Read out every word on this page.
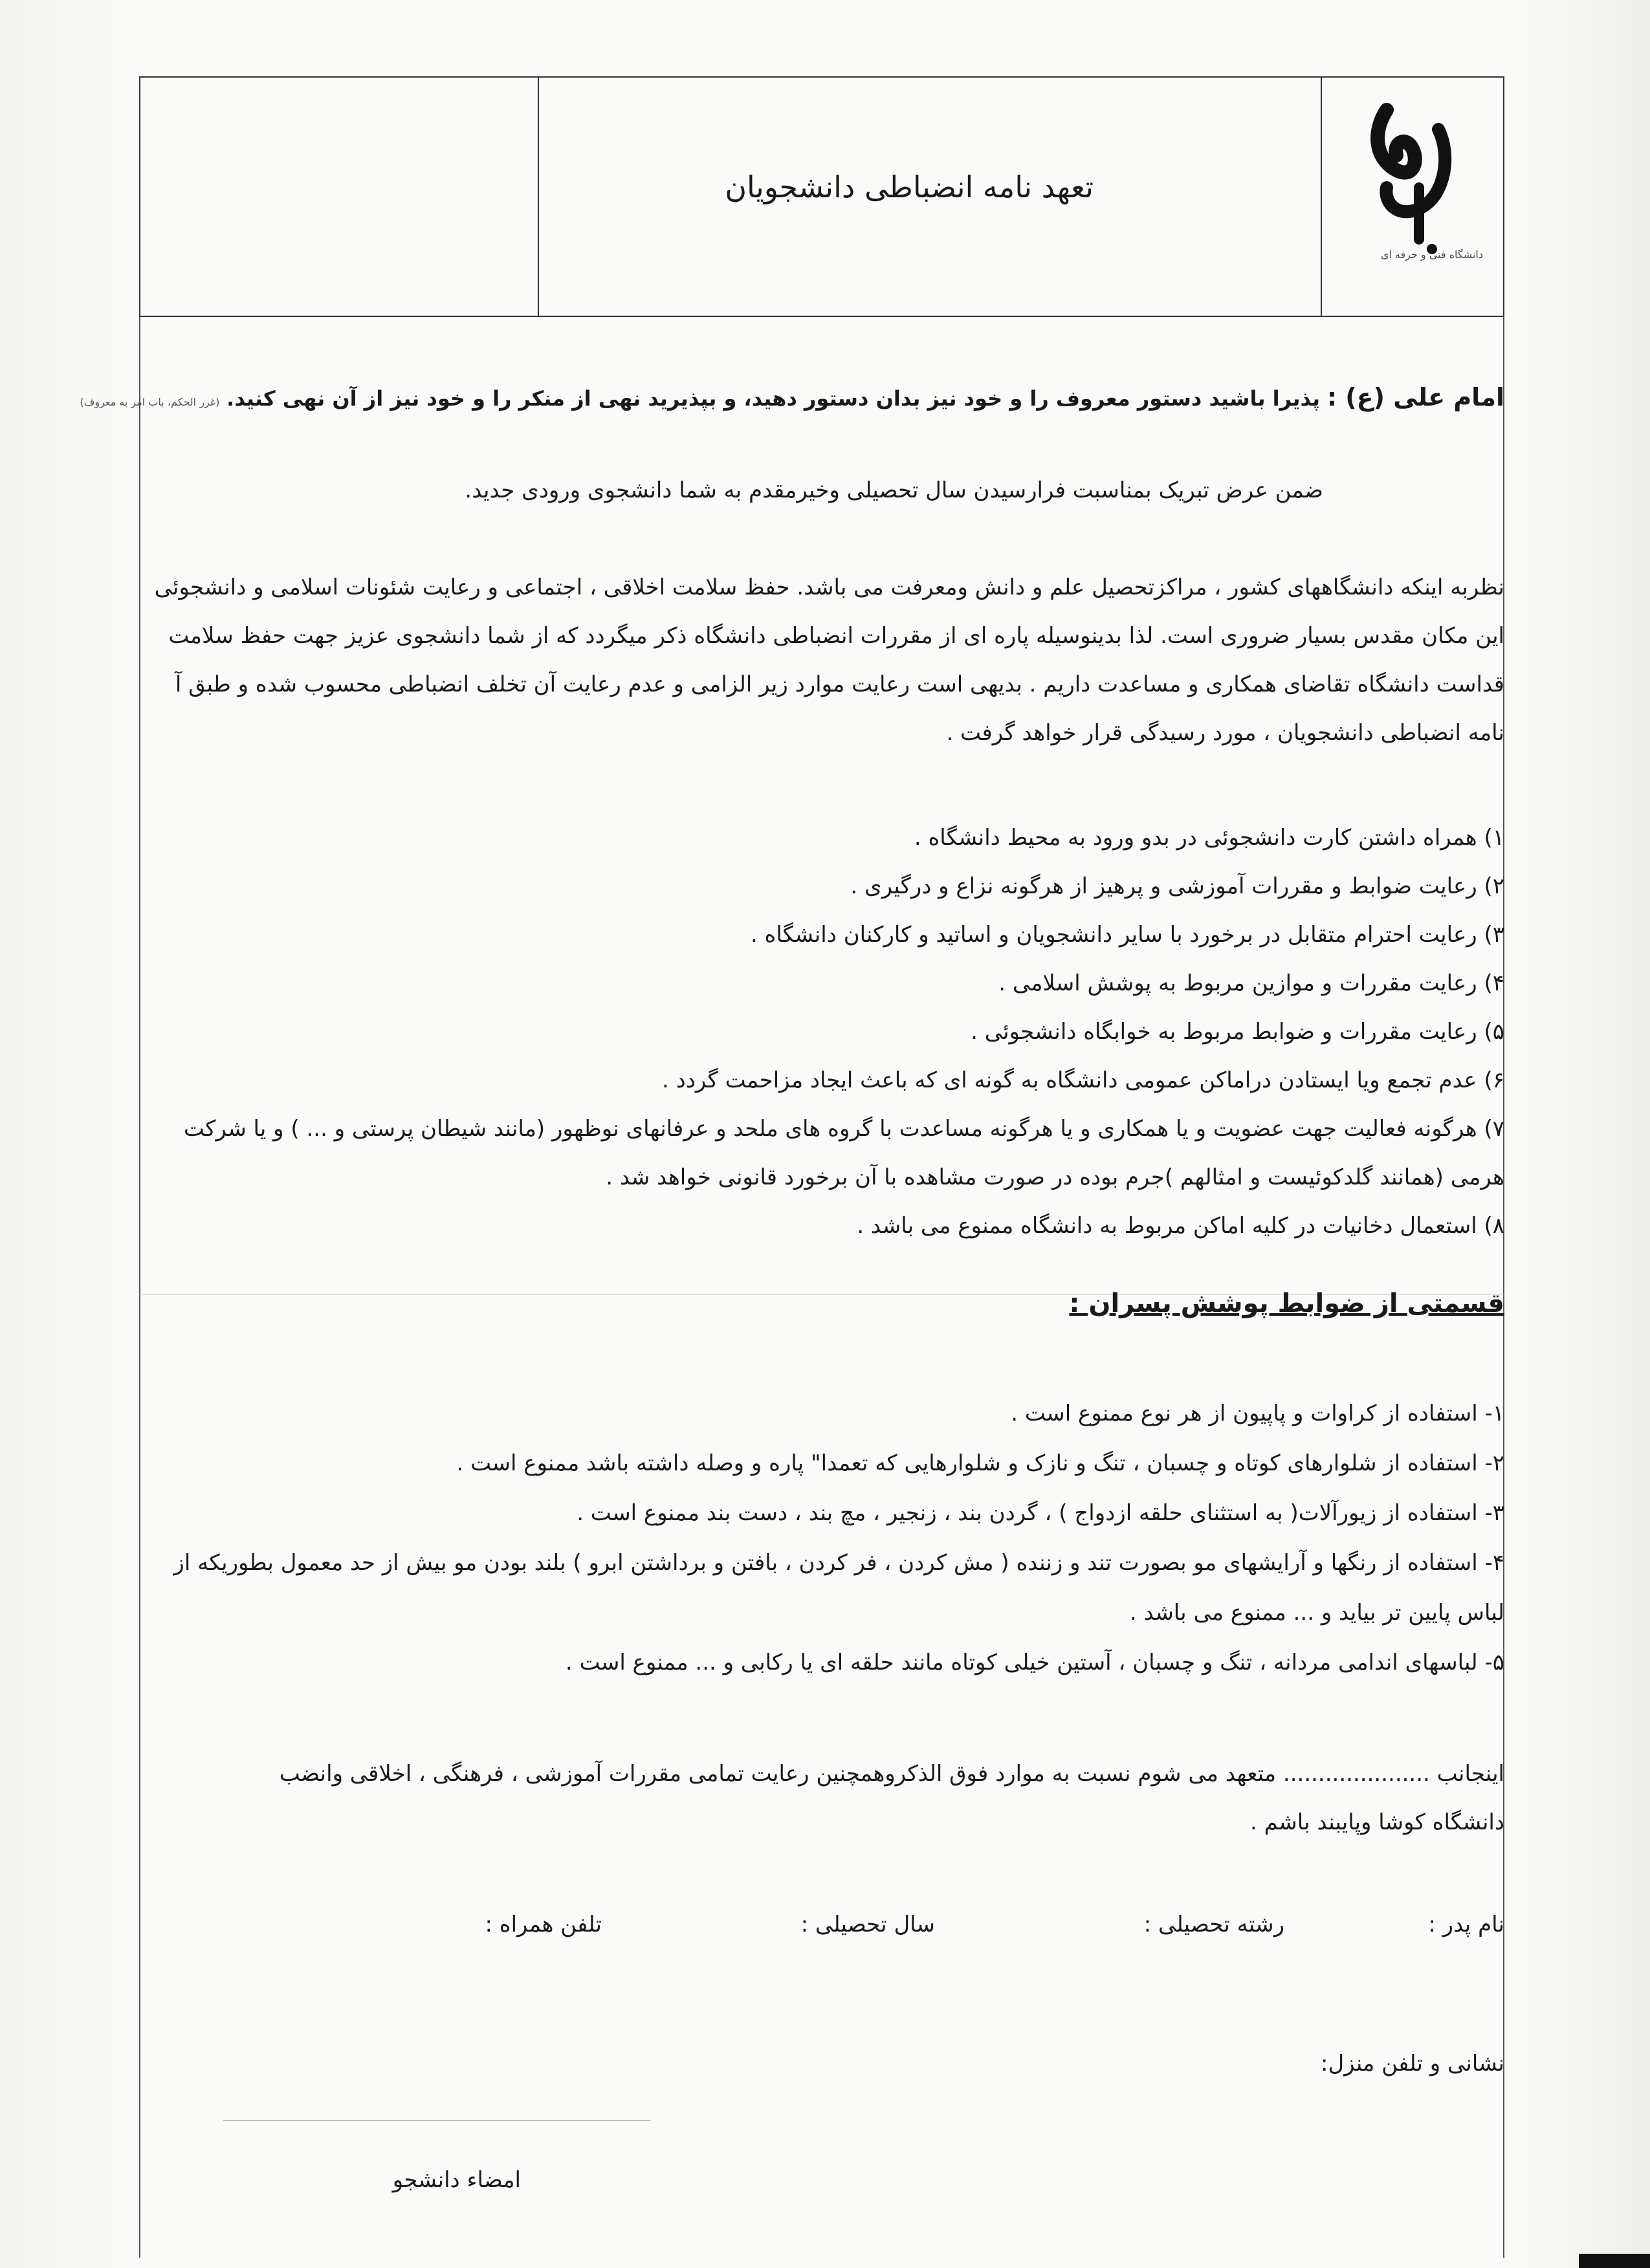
تعهد نامه انضباطی دانشجویان
دانشگاه فنی و حرفه ای
امام علی (ع) : پذیرا باشید دستور معروف را و خود نیز بدان دستور دهید، و بپذیرید نهی از منکر را و خود نیز از آن نهی کنید. (غرر الحکم، باب امر به معروف)
ضمن عرض تبریک بمناسبت فرارسیدن سال تحصیلی وخیرمقدم به شما دانشجوی ورودی جدید.
نظربه اینکه دانشگاههای کشور ، مراکزتحصیل علم و دانش ومعرفت می باشد. حفظ سلامت اخلاقی ، اجتماعی و رعایت شئونات اسلامی و دانشجوئی
این مکان مقدس بسیار ضروری است. لذا بدینوسیله پاره ای از مقررات انضباطی دانشگاه ذکر میگردد که از شما دانشجوی عزیز جهت حفظ سلامت
قداست دانشگاه تقاضای همکاری و مساعدت داریم . بدیهی است رعایت موارد زیر الزامی و عدم رعایت آن تخلف انضباطی محسوب شده و طبق آ
نامه انضباطی دانشجویان ، مورد رسیدگی قرار خواهد گرفت .
۱) همراه داشتن کارت دانشجوئی در بدو ورود به محیط دانشگاه .
۲) رعایت ضوابط و مقررات آموزشی و پرهیز از هرگونه نزاع و درگیری .
۳) رعایت احترام متقابل در برخورد با سایر دانشجویان و اساتید و کارکنان دانشگاه .
۴) رعایت مقررات و موازین مربوط به پوشش اسلامی .
۵) رعایت مقررات و ضوابط مربوط به خوابگاه دانشجوئی .
۶) عدم تجمع ویا ایستادن دراماکن عمومی دانشگاه به گونه ای که باعث ایجاد مزاحمت گردد .
۷) هرگونه فعالیت جهت عضویت و یا همکاری و یا هرگونه مساعدت با گروه های ملحد و عرفانهای نوظهور (مانند شیطان پرستی و ... ) و یا شرکت
هرمی (همانند گلدکوئیست و امثالهم )جرم بوده در صورت مشاهده با آن برخورد قانونی خواهد شد .
۸) استعمال دخانیات در کلیه اماکن مربوط به دانشگاه ممنوع می باشد .
قسمتی از ضوابط پوشش پسران :
۱- استفاده از کراوات و پاپیون از هر نوع ممنوع است .
۲- استفاده از شلوارهای کوتاه و چسبان ، تنگ و نازک و شلوارهایی که تعمدا" پاره و وصله داشته باشد ممنوع است .
۳- استفاده از زیورآلات( به استثنای حلقه ازدواج ) ، گردن بند ، زنجیر ، مچ بند ، دست بند ممنوع است .
۴- استفاده از رنگها و آرایشهای مو بصورت تند و زننده ( مش کردن ، فر کردن ، بافتن و برداشتن ابرو ) بلند بودن مو بیش از حد معمول بطوریکه از
لباس پایین تر بیاید و ... ممنوع می باشد .
۵- لباسهای اندامی مردانه ، تنگ و چسبان ، آستین خیلی کوتاه مانند حلقه ای یا رکابی و ... ممنوع است .
اینجانب ..................... متعهد می شوم نسبت به موارد فوق الذکروهمچنین رعایت تمامی مقررات آموزشی ، فرهنگی ، اخلاقی وانضب
دانشگاه کوشا وپایبند باشم .
نام پدر :
رشته تحصیلی :
سال تحصیلی :
تلفن همراه :
نشانی و تلفن منزل:
امضاء دانشجو
